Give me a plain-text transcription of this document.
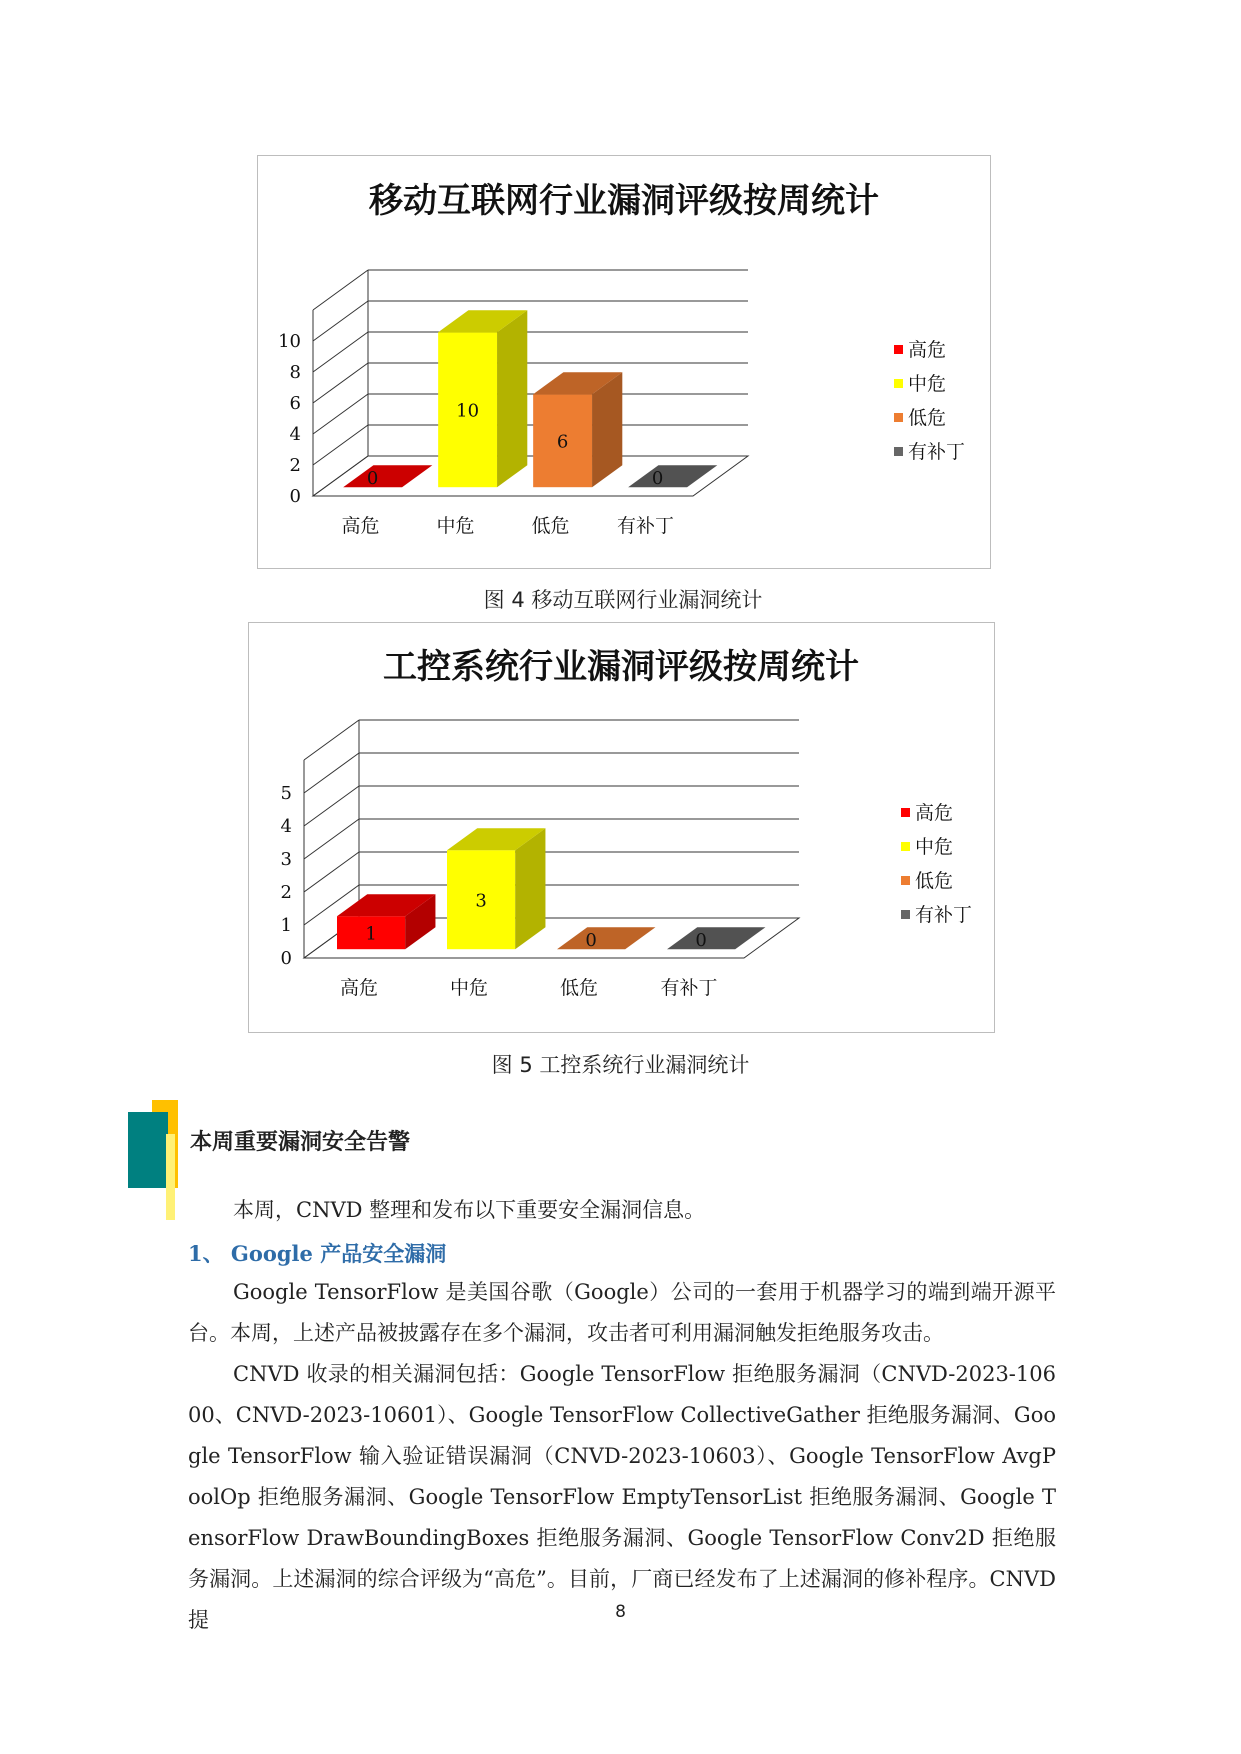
移动互联网行业漏洞评级按周统计
0
2
4
6
8
10
0
高危
10
中危
6
低危
0
有补丁
高危
中危
低危
有补丁
图 4 移动互联网行业漏洞统计
工控系统行业漏洞评级按周统计
0
1
2
3
4
5
1
高危
3
中危
0
低危
0
有补丁
高危
中危
低危
有补丁
图 5 工控系统行业漏洞统计
本周重要漏洞安全告警
本周，CNVD 整理和发布以下重要安全漏洞信息。
1、 Google 产品安全漏洞
Google TensorFlow 是美国谷歌（Google）公司的一套用于机器学习的端到端开源平台。本周，上述产品被披露存在多个漏洞，攻击者可利用漏洞触发拒绝服务攻击。
CNVD 收录的相关漏洞包括：Google TensorFlow 拒绝服务漏洞（CNVD-2023-10600、CNVD-2023-10601）、Google TensorFlow CollectiveGather 拒绝服务漏洞、Google TensorFlow 输入验证错误漏洞（CNVD-2023-10603）、Google TensorFlow AvgPoolOp 拒绝服务漏洞、Google TensorFlow EmptyTensorList 拒绝服务漏洞、Google TensorFlow DrawBoundingBoxes 拒绝服务漏洞、Google TensorFlow Conv2D 拒绝服务漏洞。上述漏洞的综合评级为“高危”。目前，厂商已经发布了上述漏洞的修补程序。CNVD 提	8
